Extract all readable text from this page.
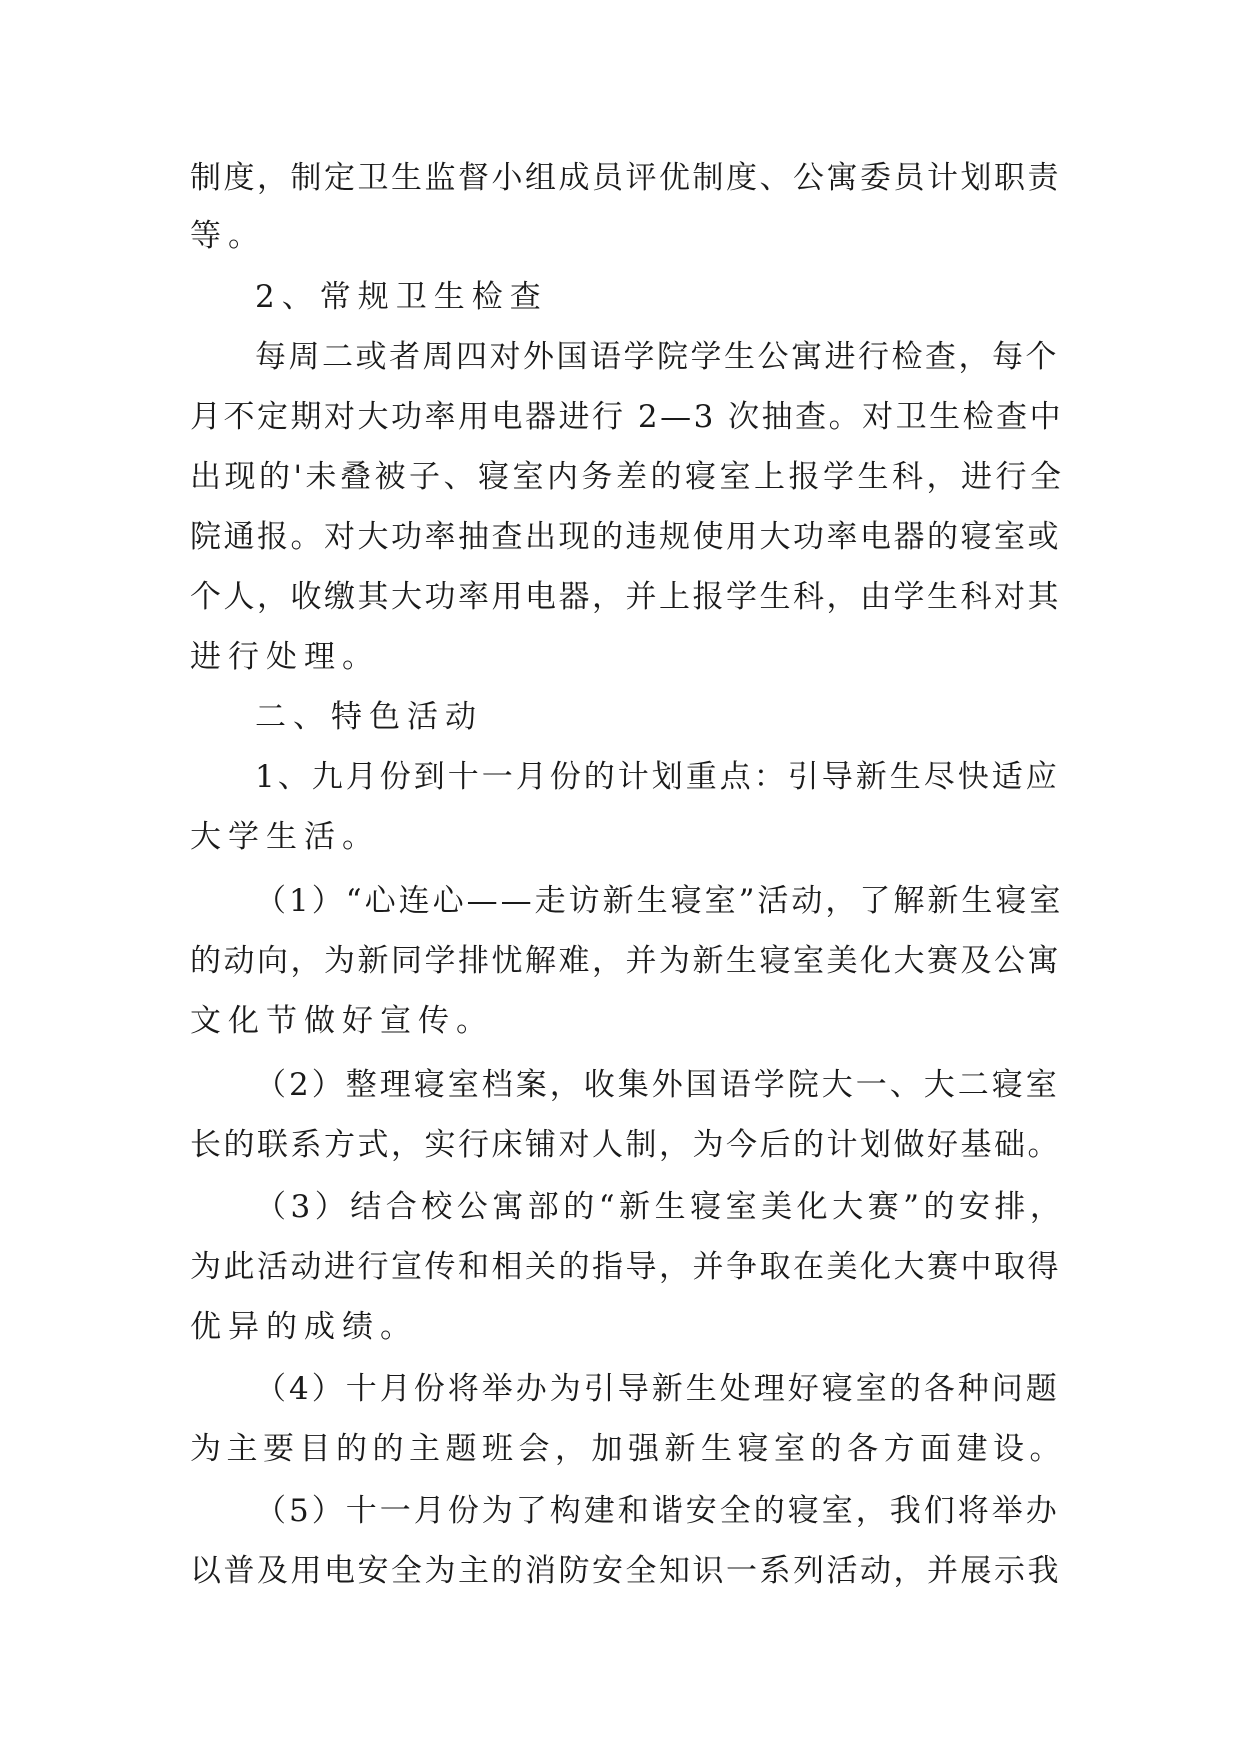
制度，制定卫生监督小组成员评优制度、公寓委员计划职责
等。
2、常规卫生检查
每周二或者周四对外国语学院学生公寓进行检查，每个
月不定期对大功率用电器进行 2—3 次抽查。对卫生检查中
出现的'未叠被子、寝室内务差的寝室上报学生科，进行全
院通报。对大功率抽查出现的违规使用大功率电器的寝室或
个人，收缴其大功率用电器，并上报学生科，由学生科对其
进行处理。
二、特色活动
1、九月份到十一月份的计划重点：引导新生尽快适应
大学生活。
（1）“心连心——走访新生寝室”活动，了解新生寝室
的动向，为新同学排忧解难，并为新生寝室美化大赛及公寓
文化节做好宣传。
（2）整理寝室档案，收集外国语学院大一、大二寝室
长的联系方式，实行床铺对人制，为今后的计划做好基础。
（3）结合校公寓部的“新生寝室美化大赛”的安排，
为此活动进行宣传和相关的指导，并争取在美化大赛中取得
优异的成绩。
（4）十月份将举办为引导新生处理好寝室的各种问题
为主要目的的主题班会，加强新生寝室的各方面建设。
（5）十一月份为了构建和谐安全的寝室，我们将举办
以普及用电安全为主的消防安全知识一系列活动，并展示我
